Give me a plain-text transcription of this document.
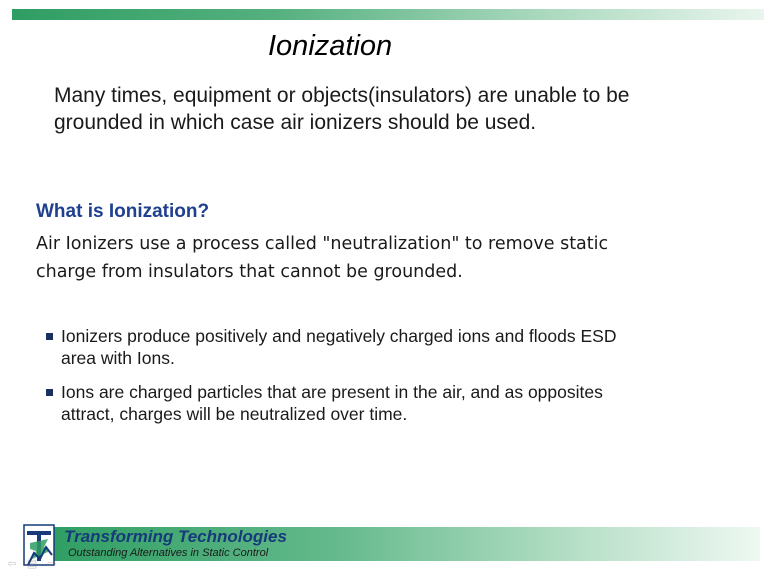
Ionization

Many times, equipment or objects(insulators) are unable to be
grounded in which case air ionizers should be used.

What is Ionization?

Air Ionizers use a process called "neutralization" to remove static
charge from insulators that cannot be grounded.

Ionizers produce positively and negatively charged ions and floods ESD
area with Ions.
Ions are charged particles that are present in the air, and as opposites
attract, charges will be neutralized over time.
Transforming Technologies
Outstanding Alternatives in Static Control
⇦ ▤ ⇨
